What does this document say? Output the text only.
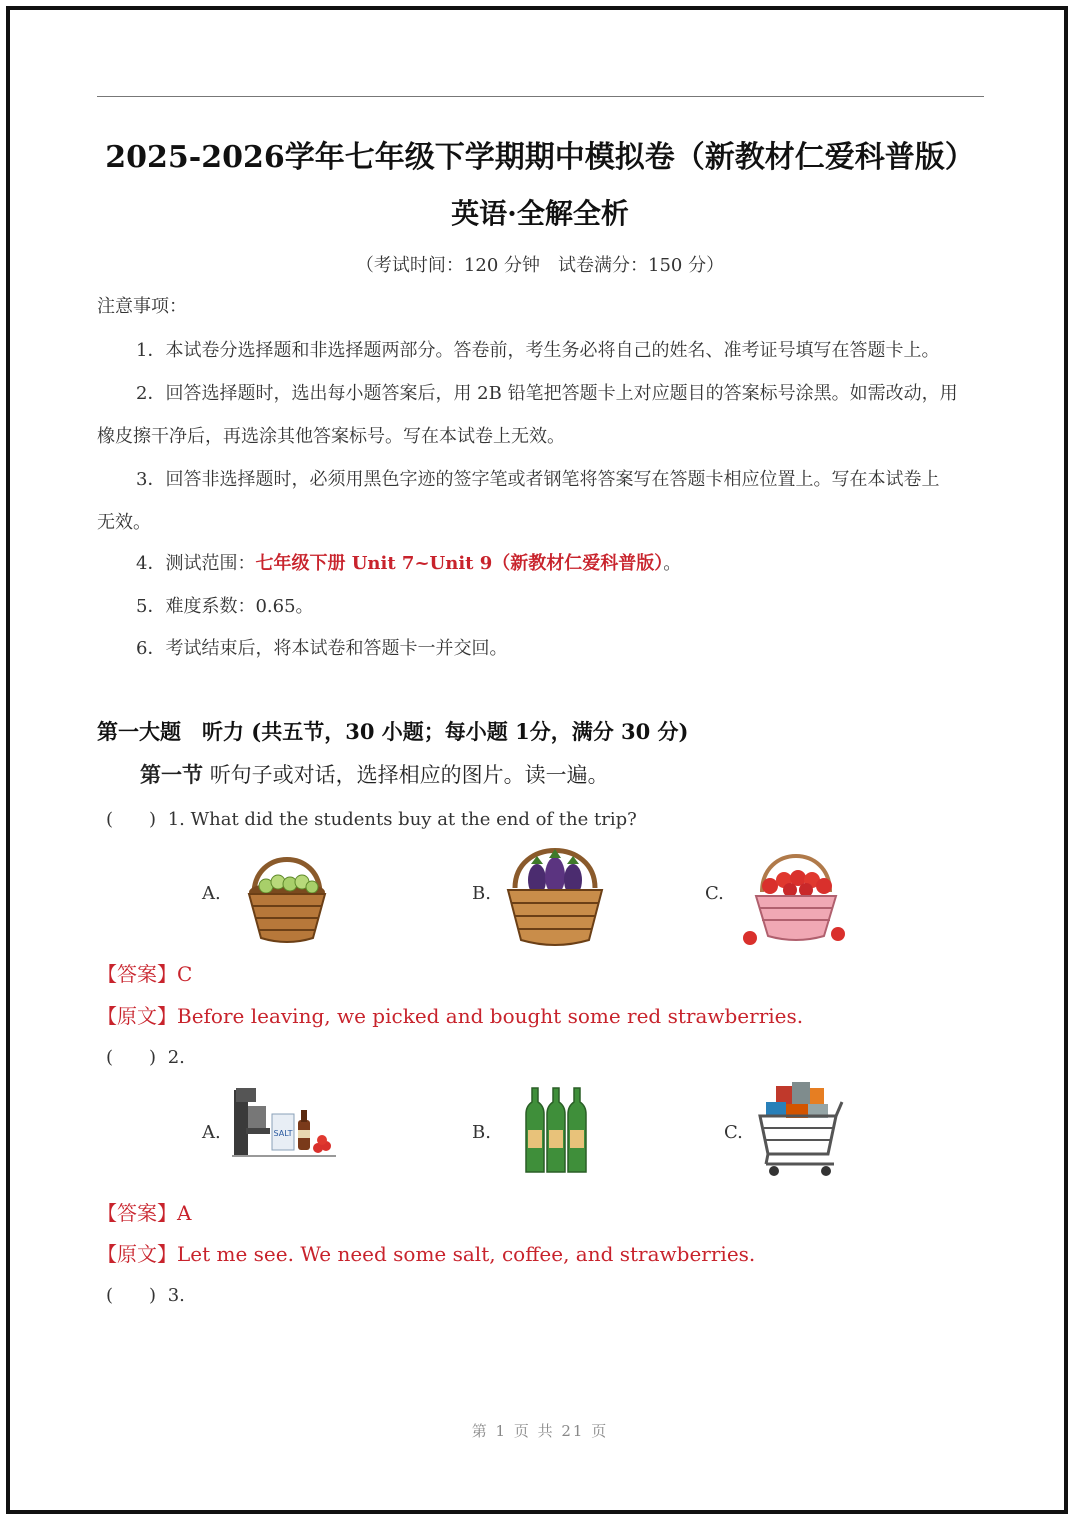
2025-2026学年七年级下学期期中模拟卷（新教材仁爱科普版）
英语·全解全析
（考试时间：120 分钟　试卷满分：150 分）
注意事项：
1．本试卷分选择题和非选择题两部分。答卷前，考生务必将自己的姓名、准考证号填写在答题卡上。
2．回答选择题时，选出每小题答案后，用 2B 铅笔把答题卡上对应题目的答案标号涂黑。如需改动，用
橡皮擦干净后，再选涂其他答案标号。写在本试卷上无效。
3．回答非选择题时，必须用黑色字迹的签字笔或者钢笔将答案写在答题卡相应位置上。写在本试卷上
无效。
4．测试范围：七年级下册 Unit 7~Unit 9（新教材仁爱科普版）。
5．难度系数：0.65。
6．考试结束后，将本试卷和答题卡一并交回。
第一大题　听力 (共五节，30 小题；每小题 1分，满分 30 分)
第一节 听句子或对话，选择相应的图片。读一遍。
(　　) 1. What did the students buy at the end of the trip?
A.	B.	C.
【答案】C
【原文】Before leaving, we picked and bought some red strawberries.
(　　) 2.
A.	B.	C.
SALT
【答案】A
【原文】Let me see. We need some salt, coffee, and strawberries.
(　　) 3.
第 1 页 共 21 页
